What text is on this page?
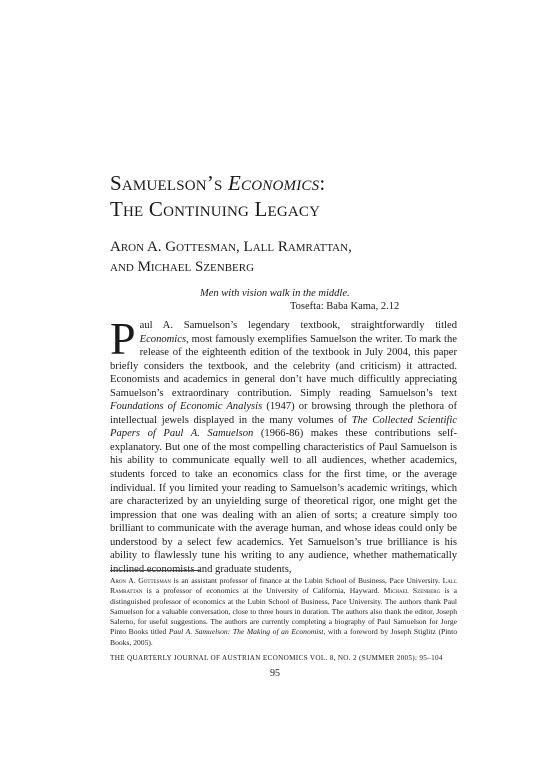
Samuelson’s Economics:
The Continuing Legacy
Aron A. Gottesman, Lall Ramrattan,
and Michael Szenberg
Men with vision walk in the middle.
Tosefta: Baba Kama, 2.12
Paul A. Samuelson’s legendary textbook, straightforwardly titled Economics, most famously exemplifies Samuelson the writer. To mark the release of the eighteenth edition of the textbook in July 2004, this paper briefly considers the textbook, and the celebrity (and criticism) it attracted. Economists and academics in general don’t have much difficultly appreciating Samuelson’s extraordinary contribution. Simply reading Samuelson’s text Foundations of Economic Analysis (1947) or browsing through the plethora of intellectual jewels displayed in the many volumes of The Collected Scientific Papers of Paul A. Samuelson (1966-86) makes these contributions self-explanatory. But one of the most compelling characteristics of Paul Samuelson is his ability to communicate equally well to all audiences, whether academics, students forced to take an economics class for the first time, or the average individual. If you limited your reading to Samuelson’s academic writings, which are characterized by an unyielding surge of theoretical rigor, one might get the impression that one was dealing with an alien of sorts; a creature simply too brilliant to communicate with the average human, and whose ideas could only be understood by a select few academics. Yet Samuelson’s true brilliance is his ability to flawlessly tune his writing to any audience, whether mathematically inclined economists and graduate students,
Aron A. Gottesman is an assistant professor of finance at the Lubin School of Business, Pace University. Lall Ramrattan is a professor of economics at the University of California, Hayward. Michael Szenberg is a distinguished professor of economics at the Lubin School of Business, Pace University. The authors thank Paul Samuelson for a valuable conversation, close to three hours in duration. The authors also thank the editor, Joseph Salerno, for useful suggestions. The authors are currently completing a biography of Paul Samuelson for Jorge Pinto Books titled Paul A. Samuelson: The Making of an Economist, with a foreword by Joseph Stiglitz (Pinto Books, 2005).
THE QUARTERLY JOURNAL OF AUSTRIAN ECONOMICS VOL. 8, NO. 2 (SUMMER 2005): 95–104
95
